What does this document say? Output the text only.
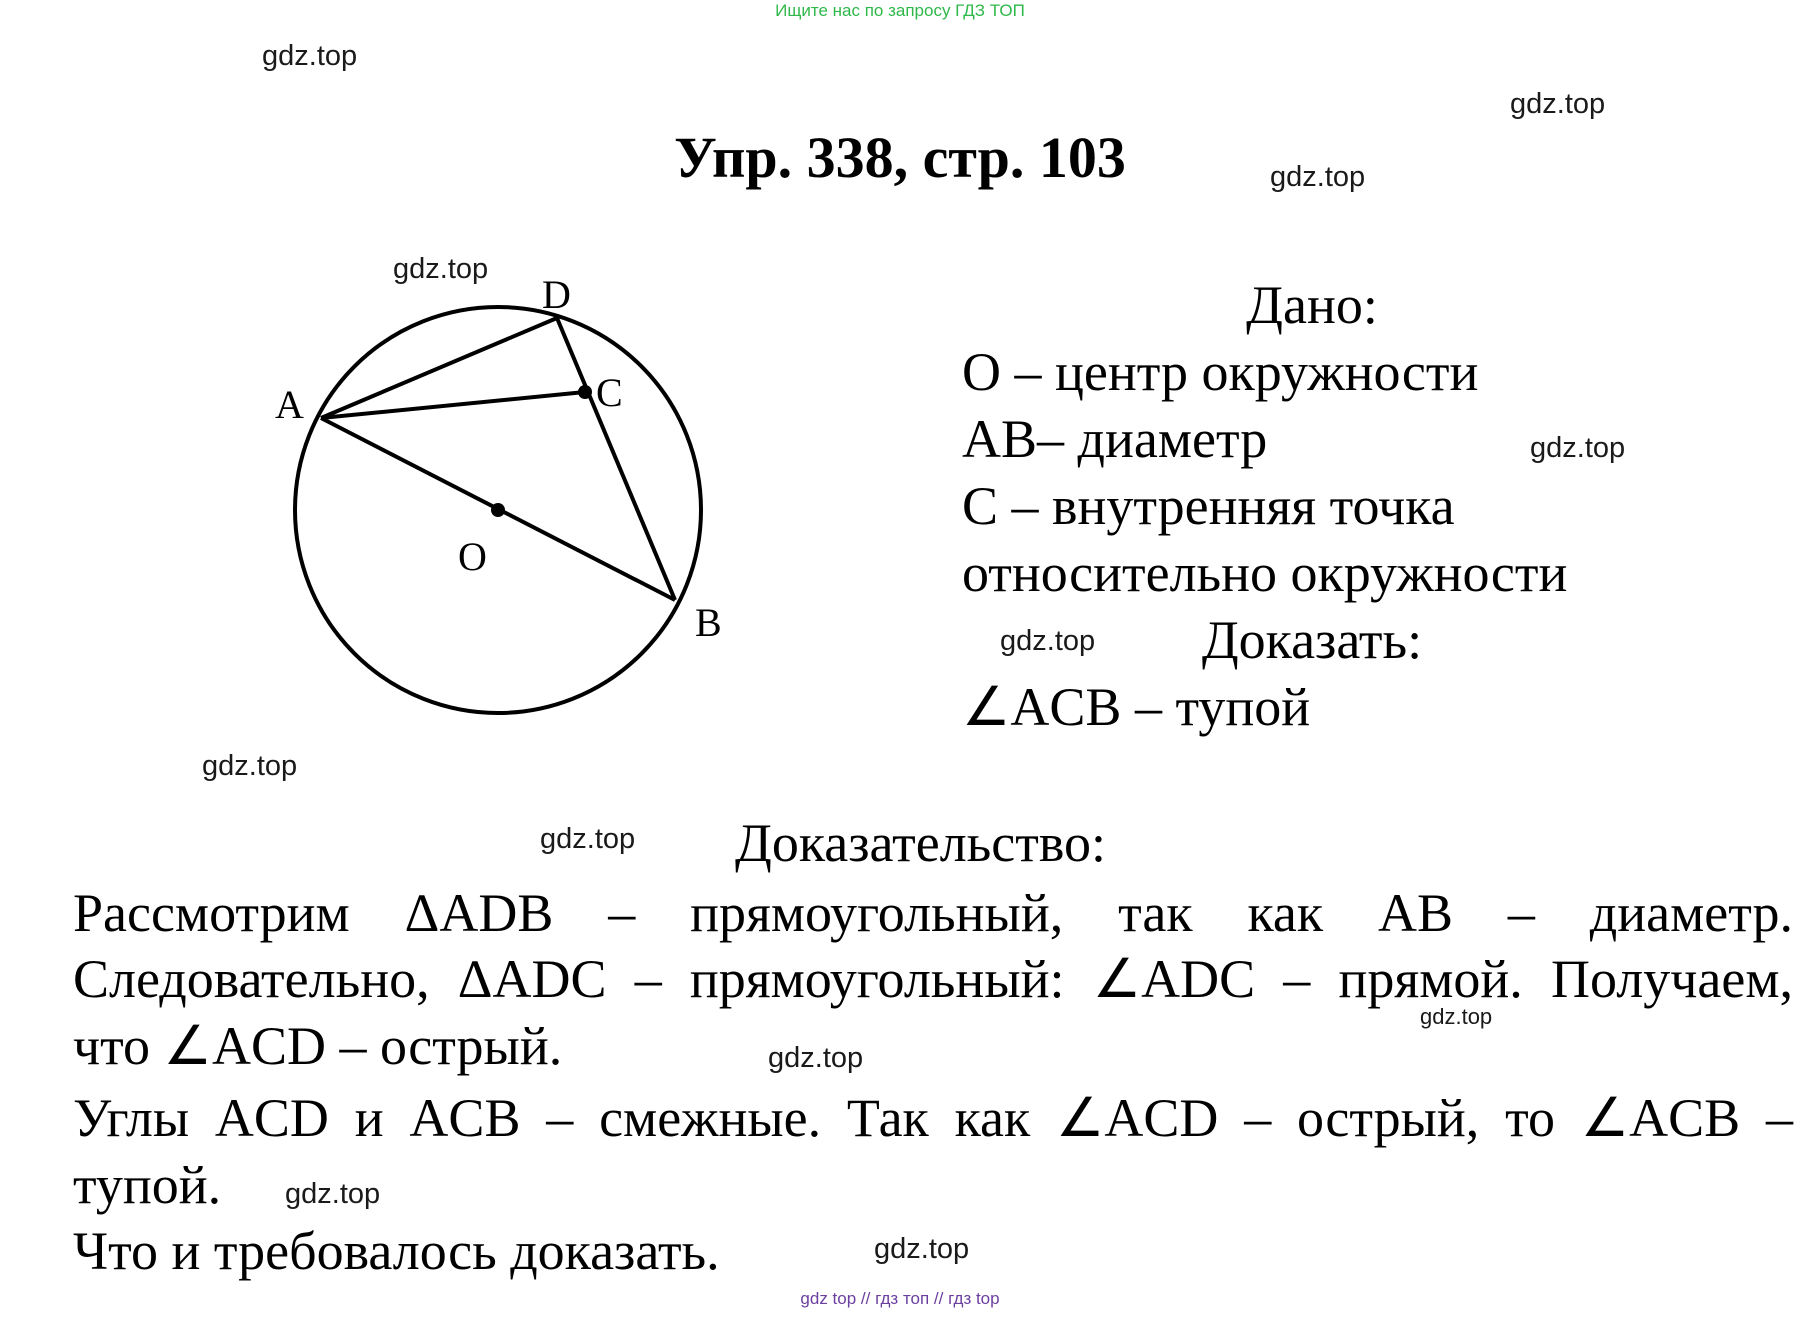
Ищите нас по запросу ГДЗ ТОП
gdz.top
gdz.top
gdz.top
gdz.top
gdz.top
gdz.top
gdz.top
gdz.top
gdz.top
gdz.top
gdz.top
gdz.top
Упр. 338, стр. 103
A
D
C
O
B
Дано:
O – центр окружности
AB– диаметр
C – внутренняя точка
относительно окружности
Доказать:
∠ACB – тупой
Доказательство:
Рассмотрим ΔADB – прямоугольный, так как AB – диаметр.
Следовательно, ΔADC – прямоугольный: ∠ADC – прямой. Получаем,
что ∠ACD – острый.
Углы ACD и ACB – смежные. Так как ∠ACD – острый, то ∠ACB –
тупой.
Что и требовалось доказать.
gdz top // гдз топ // гдз top
